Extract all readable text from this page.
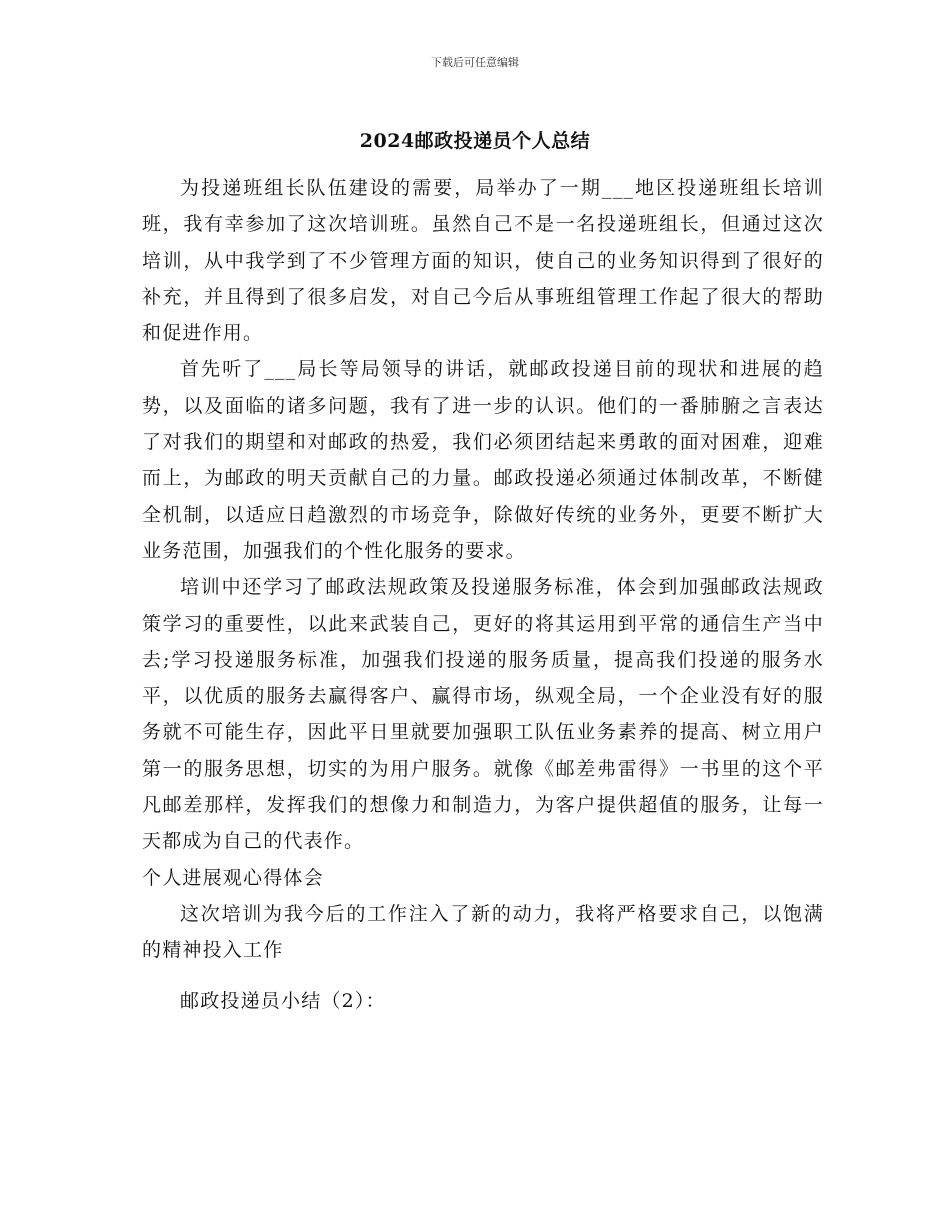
下载后可任意编辑
2024邮政投递员个人总结

为投递班组长队伍建设的需要，局举办了一期___地区投递班组长培训班，我有幸参加了这次培训班。虽然自己不是一名投递班组长，但通过这次培训，从中我学到了不少管理方面的知识，使自己的业务知识得到了很好的补充，并且得到了很多启发，对自己今后从事班组管理工作起了很大的帮助和促进作用。

首先听了___局长等局领导的讲话，就邮政投递目前的现状和进展的趋势，以及面临的诸多问题，我有了进一步的认识。他们的一番肺腑之言表达了对我们的期望和对邮政的热爱，我们必须团结起来勇敢的面对困难，迎难而上，为邮政的明天贡献自己的力量。邮政投递必须通过体制改革，不断健全机制，以适应日趋激烈的市场竞争，除做好传统的业务外，更要不断扩大业务范围，加强我们的个性化服务的要求。

培训中还学习了邮政法规政策及投递服务标准，体会到加强邮政法规政策学习的重要性，以此来武装自己，更好的将其运用到平常的通信生产当中去;学习投递服务标准，加强我们投递的服务质量，提高我们投递的服务水平，以优质的服务去赢得客户、赢得市场，纵观全局，一个企业没有好的服务就不可能生存，因此平日里就要加强职工队伍业务素养的提高、树立用户第一的服务思想，切实的为用户服务。就像《邮差弗雷得》一书里的这个平凡邮差那样，发挥我们的想像力和制造力，为客户提供超值的服务，让每一天都成为自己的代表作。

个人进展观心得体会

这次培训为我今后的工作注入了新的动力，我将严格要求自己，以饱满的精神投入工作

邮政投递员小结（2）：
